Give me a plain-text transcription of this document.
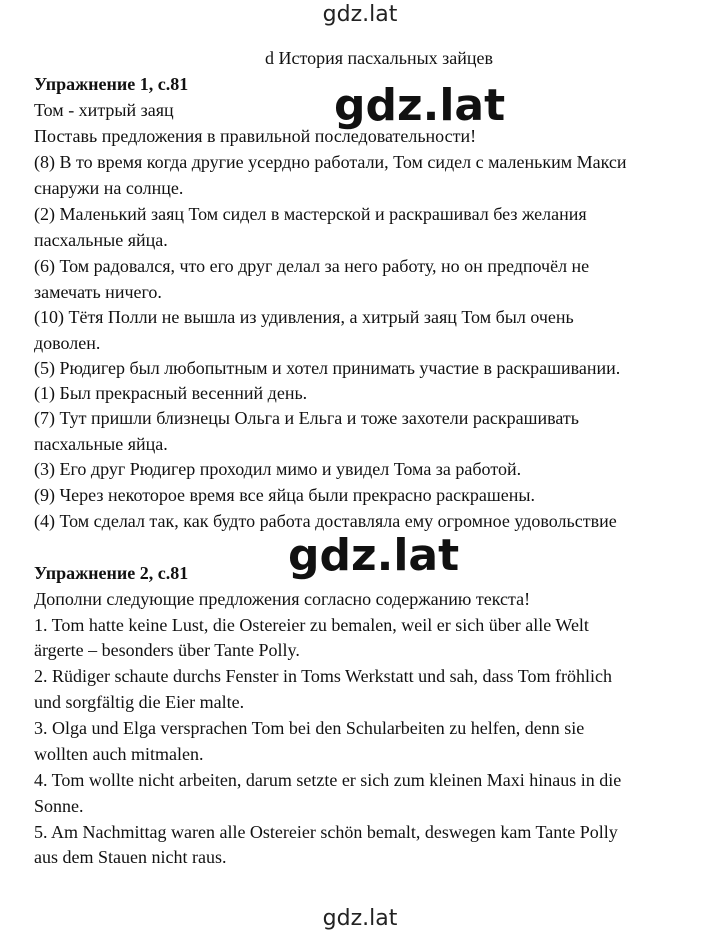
gdz.lat
d История пасхальных зайцев
Упражнение 1, с.81
Том - хитрый заяц
Поставь предложения в правильной последовательности!
(8) В то время когда другие усердно работали, Том сидел с маленьким Макси
снаружи на солнце.
(2) Маленький заяц Том сидел в мастерской и раскрашивал без желания
пасхальные яйца.
(6) Том радовался, что его друг делал за него работу, но он предпочёл не
замечать ничего.
(10) Тётя Полли не вышла из удивления, а хитрый заяц Том был очень
доволен.
(5) Рюдигер был любопытным и хотел принимать участие в раскрашивании.
(1) Был прекрасный весенний день.
(7) Тут пришли близнецы Ольга и Ельга и тоже захотели раскрашивать
пасхальные яйца.
(3) Его друг Рюдигер проходил мимо и увидел Тома за работой.
(9) Через некоторое время все яйца были прекрасно раскрашены.
(4) Том сделал так, как будто работа доставляла ему огромное удовольствие
Упражнение 2, с.81
Дополни следующие предложения согласно содержанию текста!
1. Tom hatte keine Lust, die Ostereier zu bemalen, weil er sich über alle Welt
ärgerte – besonders über Tante Polly.
2. Rüdiger schaute durchs Fenster in Toms Werkstatt und sah, dass Tom fröhlich
und sorgfältig die Eier malte.
3. Olga und Elga versprachen Tom bei den Schularbeiten zu helfen, denn sie
wollten auch mitmalen.
4. Tom wollte nicht arbeiten, darum setzte er sich zum kleinen Maxi hinaus in die
Sonne.
5. Am Nachmittag waren alle Ostereier schön bemalt, deswegen kam Tante Polly
aus dem Stauen nicht raus.
gdz.lat
gdz.lat
gdz.lat
